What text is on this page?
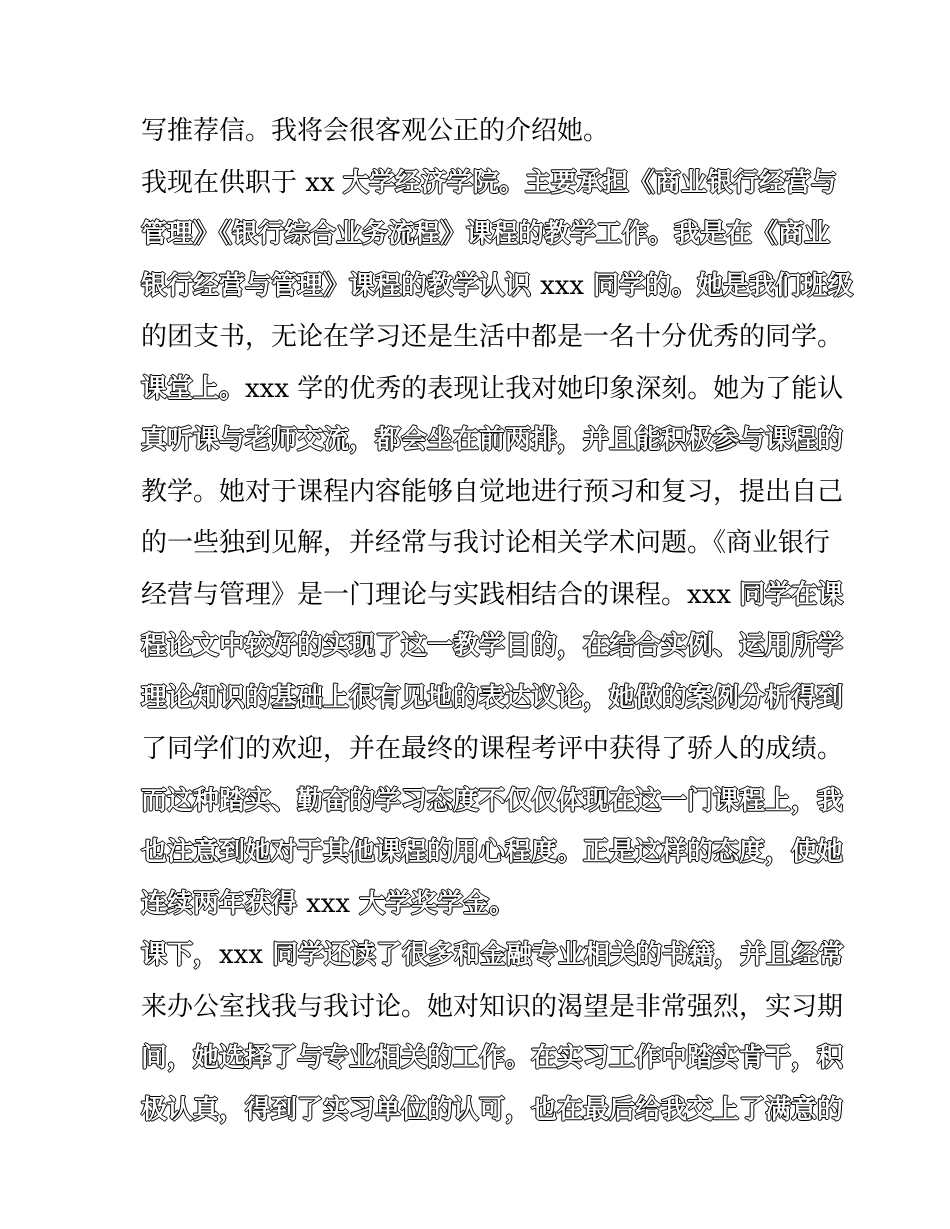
写推荐信。我将会很客观公正的介绍她。
我现在供职于 xx 大学经济学院。主要承担《商业银行经营与
管理》《银行综合业务流程》课程的教学工作。我是在《商业
银行经营与管理》课程的教学认识 xxx 同学的。她是我们班级
的团支书，无论在学习还是生活中都是一名十分优秀的同学。
课堂上。xxx 学的优秀的表现让我对她印象深刻。她为了能认
真听课与老师交流，都会坐在前两排，并且能积极参与课程的
教学。她对于课程内容能够自觉地进行预习和复习，提出自己
的一些独到见解，并经常与我讨论相关学术问题。《商业银行
经营与管理》是一门理论与实践相结合的课程。xxx 同学在课
程论文中较好的实现了这一教学目的，在结合实例、运用所学
理论知识的基础上很有见地的表达议论，她做的案例分析得到
了同学们的欢迎，并在最终的课程考评中获得了骄人的成绩。
而这种踏实、勤奋的学习态度不仅仅体现在这一门课程上，我
也注意到她对于其他课程的用心程度。正是这样的态度，使她
连续两年获得 xxx 大学奖学金。
课下，xxx 同学还读了很多和金融专业相关的书籍，并且经常
来办公室找我与我讨论。她对知识的渴望是非常强烈，实习期
间，她选择了与专业相关的工作。在实习工作中踏实肯干，积
极认真，得到了实习单位的认可，也在最后给我交上了满意的
